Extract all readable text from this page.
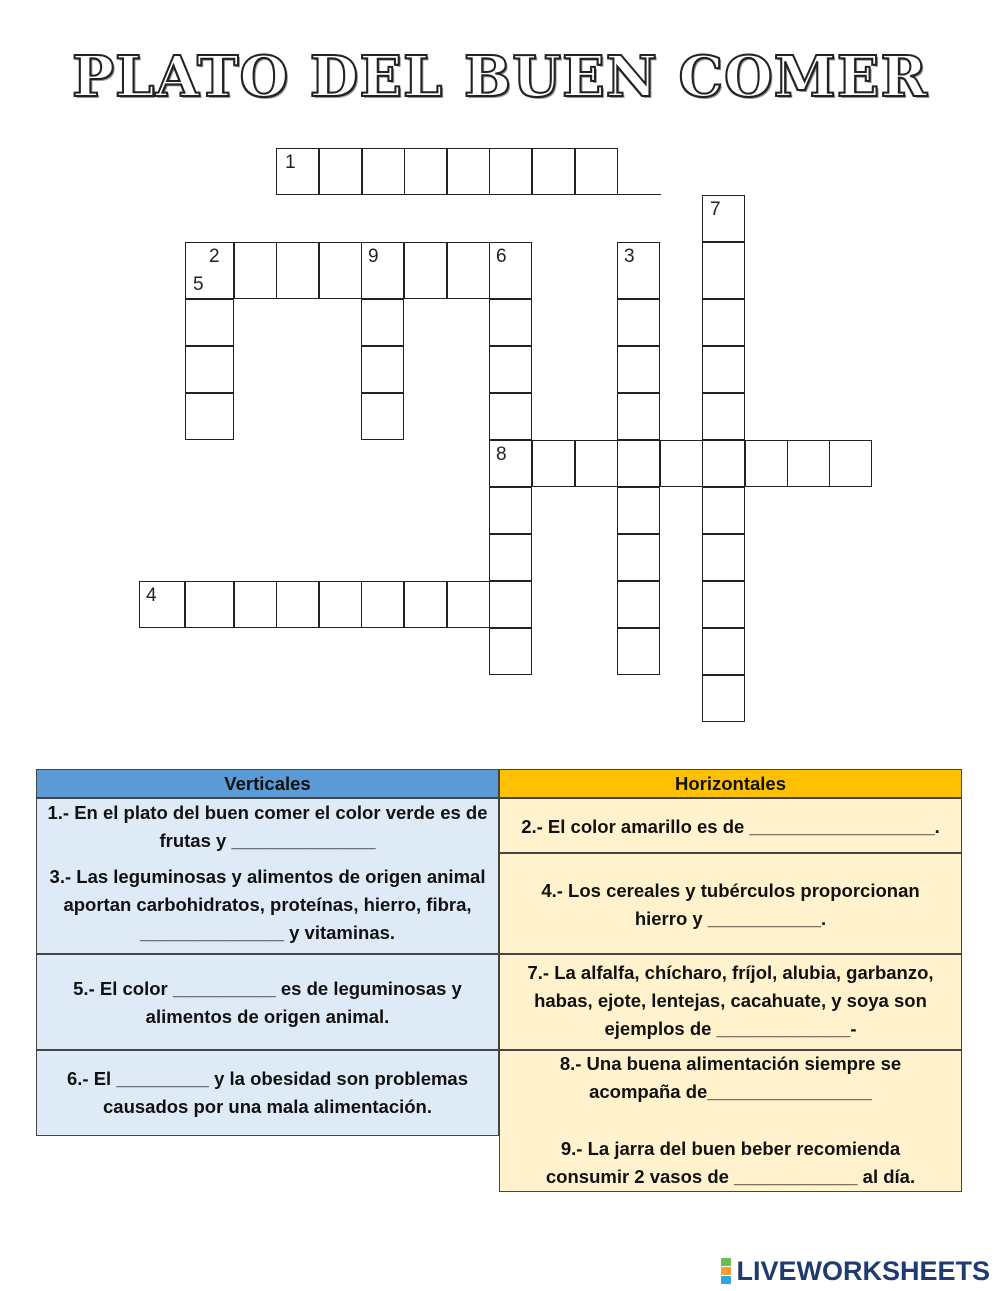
PLATO DEL BUEN COMER
1
2	3
4
5
6
7
8
9
Verticales	Horizontales
1.- En el plato del buen comer el color verde es de frutas y ______________
3.- Las leguminosas y alimentos de origen animal aportan carbohidratos, proteínas, hierro, fibra, ______________ y vitaminas.
5.- El color __________ es de leguminosas y alimentos de origen animal.
6.- El _________ y la obesidad son problemas causados por una mala alimentación.
2.- El color amarillo es de __________________.
4.- Los cereales y tubérculos proporcionan hierro y ___________.
7.- La alfalfa, chícharo, fríjol, alubia, garbanzo, habas, ejote, lentejas, cacahuate, y soya son ejemplos de _____________-
8.- Una buena alimentación siempre se acompaña de________________
9.- La jarra del buen beber recomienda consumir 2 vasos de ____________ al día.
LIVEWORKSHEETS
